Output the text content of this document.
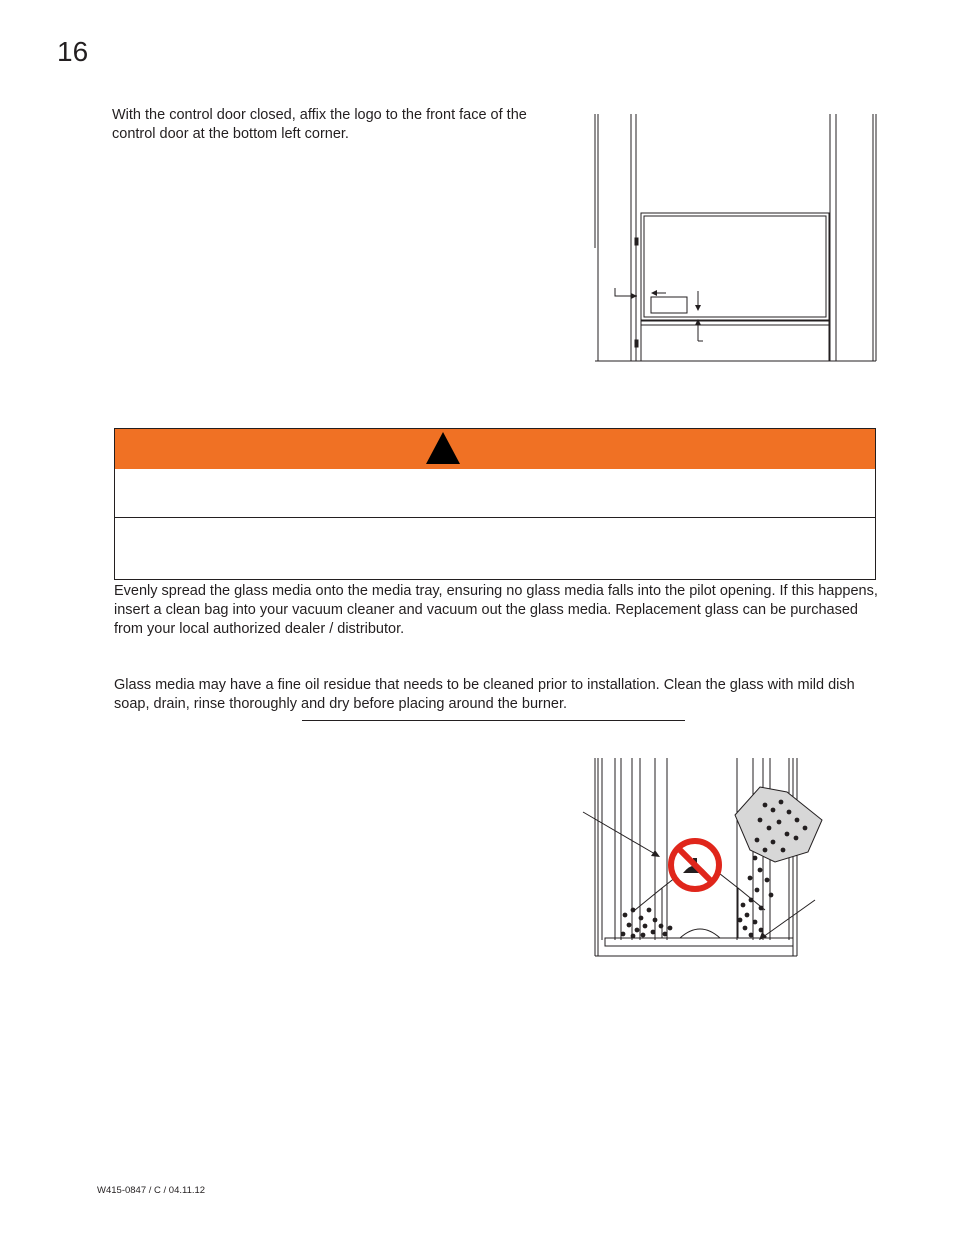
16

With the control door closed, affix the logo to the front face of the control door at the bottom left corner.

Evenly spread the glass media onto the media tray, ensuring no glass media falls into the pilot opening. If this happens, insert a clean bag into your vacuum cleaner and vacuum out the glass media. Replacement glass can be purchased from your local authorized dealer / distributor.

Glass media may have a fine oil residue that needs to be cleaned prior to installation. Clean the glass with mild dish soap, drain, rinse thoroughly and dry before placing around the burner.

W415-0847 / C / 04.11.12
